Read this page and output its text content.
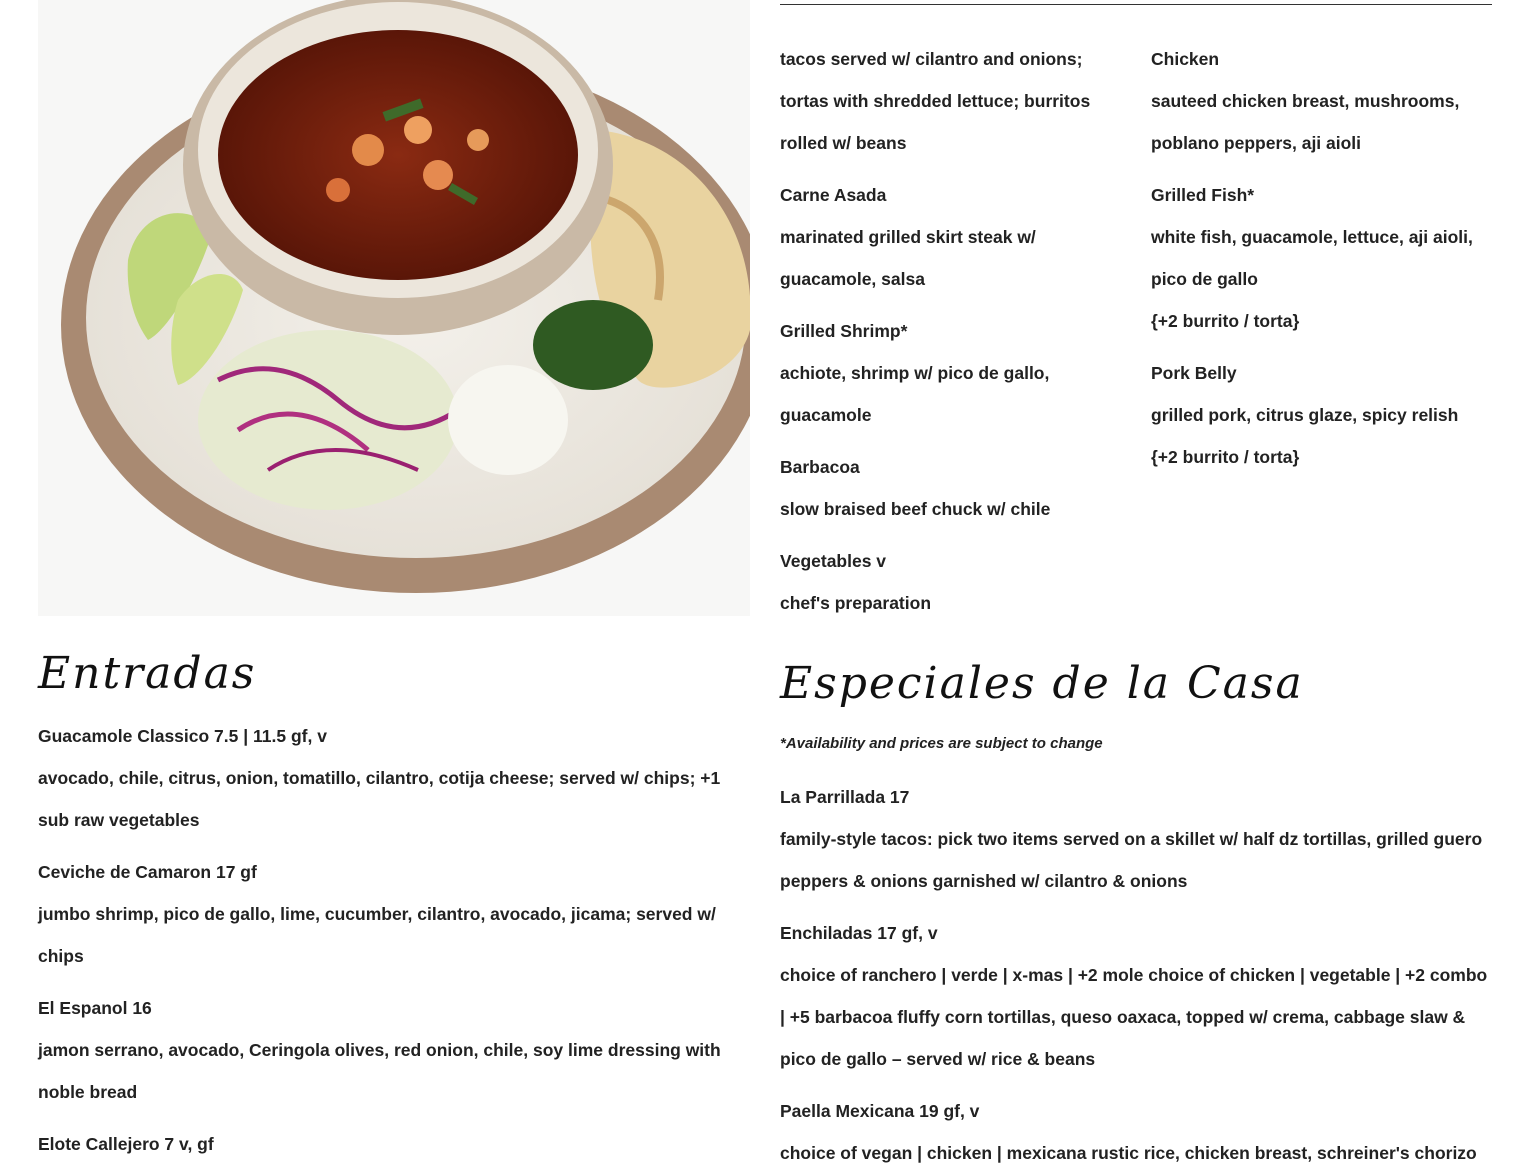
tacos served w/ cilantro and onions;
tortas with shredded lettuce; burritos
rolled w/ beans
Carne Asada
marinated grilled skirt steak w/
guacamole, salsa
Grilled Shrimp*
achiote, shrimp w/ pico de gallo,
guacamole
Barbacoa
slow braised beef chuck w/ chile
Vegetables v
chef's preparation
Chicken
sauteed chicken breast, mushrooms,
poblano peppers, aji aioli
Grilled Fish*
white fish, guacamole, lettuce, aji aioli,
pico de gallo
{+2 burrito / torta}
Pork Belly
grilled pork, citrus glaze, spicy relish
{+2 burrito / torta}
Entradas
Guacamole Classico 7.5 | 11.5 gf, v
avocado, chile, citrus, onion, tomatillo, cilantro, cotija cheese; served w/ chips; +1 sub raw vegetables
Ceviche de Camaron 17 gf
jumbo shrimp, pico de gallo, lime, cucumber, cilantro, avocado, jicama; served w/ chips
El Espanol 16
jamon serrano, avocado, Ceringola olives, red onion, chile, soy lime dressing with noble bread
Elote Callejero 7 v, gf
Especiales de la Casa
*Availability and prices are subject to change
La Parrillada 17
family-style tacos: pick two items served on a skillet w/ half dz tortillas, grilled guero peppers & onions garnished w/ cilantro & onions
Enchiladas 17 gf, v
choice of ranchero | verde | x-mas | +2 mole choice of chicken | vegetable | +2 combo | +5 barbacoa fluffy corn tortillas, queso oaxaca, topped w/ crema, cabbage slaw & pico de gallo – served w/ rice & beans
Paella Mexicana 19 gf, v
choice of vegan | chicken | mexicana rustic rice, chicken breast, schreiner's chorizo
